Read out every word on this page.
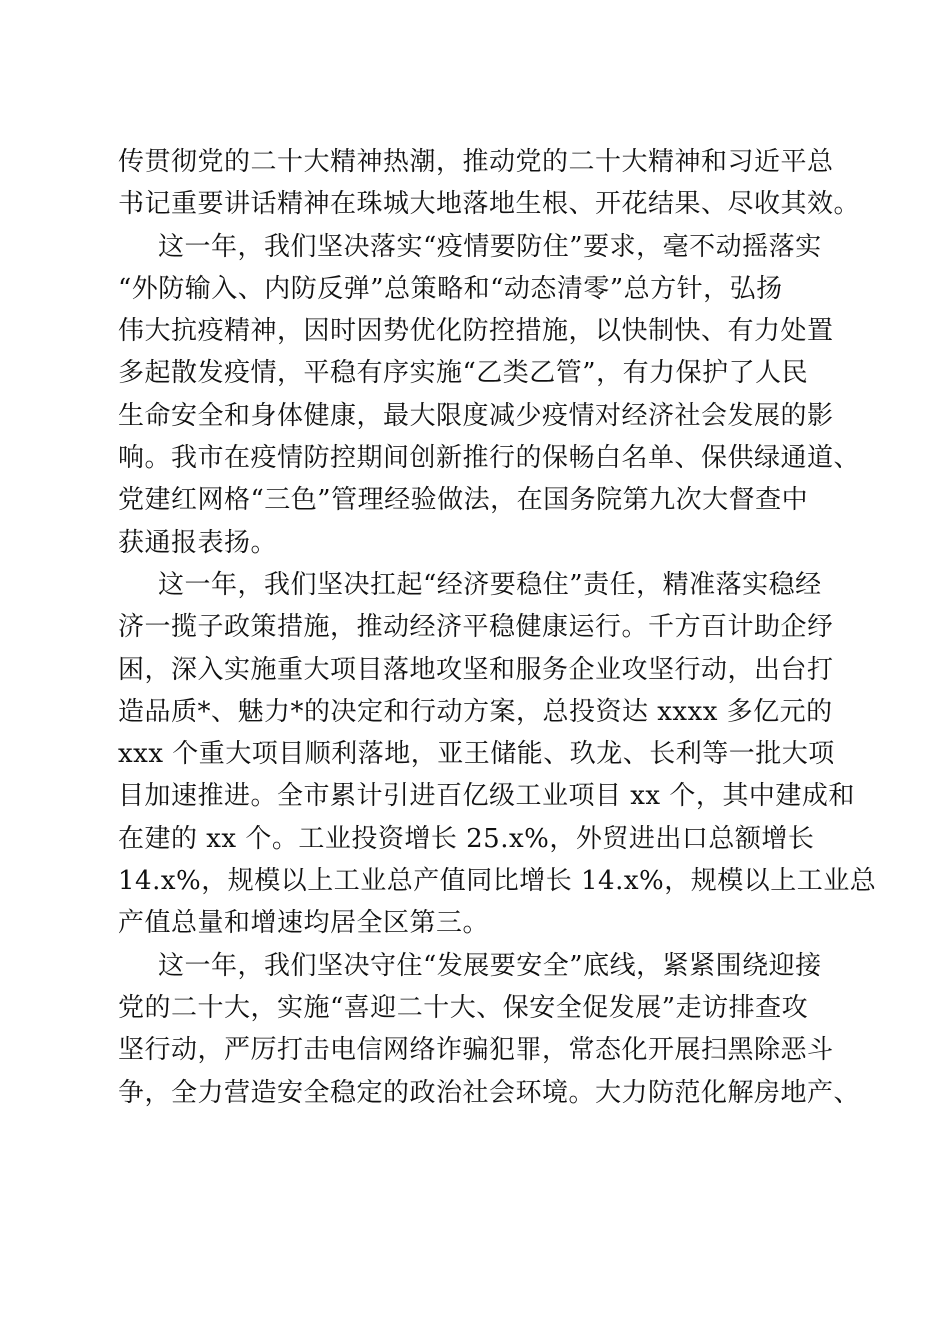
传贯彻党的二十大精神热潮，推动党的二十大精神和习近平总
书记重要讲话精神在珠城大地落地生根、开花结果、尽收其效。
这一年，我们坚决落实“疫情要防住”要求，毫不动摇落实
“外防输入、内防反弹”总策略和“动态清零”总方针，弘扬
伟大抗疫精神，因时因势优化防控措施，以快制快、有力处置
多起散发疫情，平稳有序实施“乙类乙管”，有力保护了人民
生命安全和身体健康，最大限度减少疫情对经济社会发展的影
响。我市在疫情防控期间创新推行的保畅白名单、保供绿通道、
党建红网格“三色”管理经验做法，在国务院第九次大督查中
获通报表扬。
这一年，我们坚决扛起“经济要稳住”责任，精准落实稳经
济一揽子政策措施，推动经济平稳健康运行。千方百计助企纾
困，深入实施重大项目落地攻坚和服务企业攻坚行动，出台打
造品质*、魅力*的决定和行动方案，总投资达 xxxx 多亿元的
xxx 个重大项目顺利落地，亚王储能、玖龙、长利等一批大项
目加速推进。全市累计引进百亿级工业项目 xx 个，其中建成和
在建的 xx 个。工业投资增长 25.x%，外贸进出口总额增长
14.x%，规模以上工业总产值同比增长 14.x%，规模以上工业总
产值总量和增速均居全区第三。
这一年，我们坚决守住“发展要安全”底线，紧紧围绕迎接
党的二十大，实施“喜迎二十大、保安全促发展”走访排查攻
坚行动，严厉打击电信网络诈骗犯罪，常态化开展扫黑除恶斗
争，全力营造安全稳定的政治社会环境。大力防范化解房地产、
